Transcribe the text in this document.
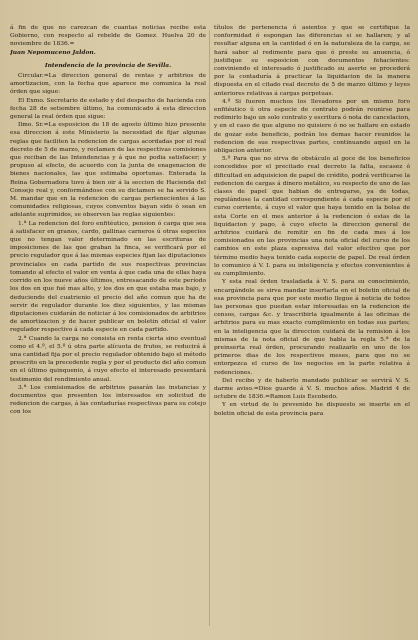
á fin de que no carezcan de cuantas noticias recibe esta Gobierno, con respecto al rebelde de Gomez. Huelva 20 de noviembre de 1836.=

Juan Nepomuceno Jaldon.

Intendencia de la provincia de Sevilla.

Circular.=La direccion general de rentas y arbitrios de amortizacion, con la fecha que aparece me comunica la real órden que sigue:

El Exmo. Secretario de estado y del despacho de hacienda con fecha 28 de setiembre último, ha comunicado á esta direccion general la real órden que sigue:

Ilmo. Sr.=La esposicion de 18 de agosto último hizo presente esa direccion á este Ministerio la necesidad de fijar algunas reglas que faciliten la redencion de cargas acordadas por el real decreto de 5 de marzo, y reclamen de las respectivas comisiones que reciban de las Intendencias y á que no podia satisfacer; y propuso al efecto, de acuerdo con la junta de enagenacion de bienes nacionales, las que estimaba oportunas. Enterada la Reina Gobernadora tuvo á bien oir á la seccion de Hacienda del Consejo real y, conformándose con su dictamen se ha servido S. M. mandar que en la redencion de cargas pertenecientes á las comunidades religiosas, cuyos conventos bayan sido ó sean en adelante suprimidos, se observen las reglas siguientes:

1.ª La redencion del foro enfitéutico, pension ó carga que sea á satisfacer en granos, cardo, gallinas carneros ú otras especies que no tengan valor determinado en las escrituras de imposiciones de las que graban la finca, se verificará por el precio regulador que á las mismas especies fijan las diputaciones provinciales en cada partido de sus respectivas provincias tomando al efecto el valor en venta á que cada una de ellas haya corrido en los nueve años últimos, entresacando de este período los dos en que fué mas alto, y los dos en que estaba mas bajo, y deduciendo del cuatrienio el precio del año comun que ha de servir de regulador durante los diez siguientes, y las mismas diputaciones cuidarán de noticiar á los comisionados de arbitrios de amortizacion y de hacer publicar en boletin oficial el valor regulador respectivo á cada especie en cada partido.

2.ª Cuando la carga no consista en renta cierta sino eventual como el 4.º, el 5.º ú otra parte alícuota de frutos, se reducirá á una cantidad fija por el precio regulador obtenido bajo el método prescrito en la precedente regla y por el producto del año comun en el último quinquenio, á cuyo efecto el interesado presentará testimonio del rendimiento anual.

3.ª Los comisionados de arbitrios pasarán las instancias y documentos que presenten los interesados en solicitud de redencion de cargas, á las contadurías respectivas para su cotejo con los

títulos de pertenencia ó asientos y que se certifique la conformidad ó espongan las diferencias si se hallaren; y al resultar alguna en la cantidad ó en la naturaleza de la carga, se hará saber al redimente para que ó preste su anuencia, ó justifique su esposicion con documentos fehacientes: conviniendo el interesado ó justificado su aserto se procederá por la contaduría á practicar la liquidacion de la manera dispuesta en el citado real decreto de 5 de marzo último y leyes anteriores relativas á cargas perpetuas.

4.º Si fueren muchos los llevadores por un mismo foro enfitéutico ú otra especie de contrato podrán reunirse para redimirlo bajo un solo contrato y escritura ó nota de cancelacion, y en el caso de que alguno no quisiere ó no se hallare en estado de gozar este beneficio, podrán los demas hacer reunidos la redencion de sus respectivas partes, continuando aquel en la obligacion anterior.

5.º Para que no sirva de obstáculo al goce de los beneficios concedidos por el precitado real decreto la falta, escasez ó dificultad en adquisicion de papel de crédito, podrá verificarse la redencion de cargas á dinero metálico, su respecto de uno de las clases de papel que habian de entregarse, ya de todas, regulándose la cantidad correspondiente á cada especie por el curso corriente, á cuyo el valor que haya tenido en la bolsa de esta Corte en el mes anterior á la redencion ó estas de la liquidacion y pago, á cuyo efecto la direccion general de arbitrios cuidará de remitir en fin de cada mes á los comisionados en las provincias una nota oficial del curso de los cambios en este plaza espresiva del valor efectivo que por término medio haya tenido cada especie de papel. De real órden lo comunico á V. I. para su inteligencia y efectos convenientes á su cumplimiento.

Y esta real órden trasladada á V. S. para su conocimiento, encargándole se sirva mandar insertarla en el boletin oficial de esa provincia para que por este medio llegue á noticia de todos las personas que puedan estar interesadas en la redencion de censos, cargas &c. y trascribirla igualmente á las oficinas de arbitrios para su mas exacto cumplimiento en todas sus partes; en la inteligencia que la direccion cuidará de la remision á los mismas de la nota oficial de que habla la regla 5.ª de la preinserta real órden, procurando realizarlo en uno de los primeros dias de los respectivos meses, para que no se entorpezca el curso de los negocios en la parte relativa á redenciones.

Del recibo y de haberlo mandado publicar se servirá V. S. darme aviso.=Dios guarde á V. S. muchos años. Madrid 4 de octubre de 1836.=Ramon Luis Escobedo.

Y en virtud de lo prevenido he dispuesto se inserte en el boletin oficial de esta provincia para
